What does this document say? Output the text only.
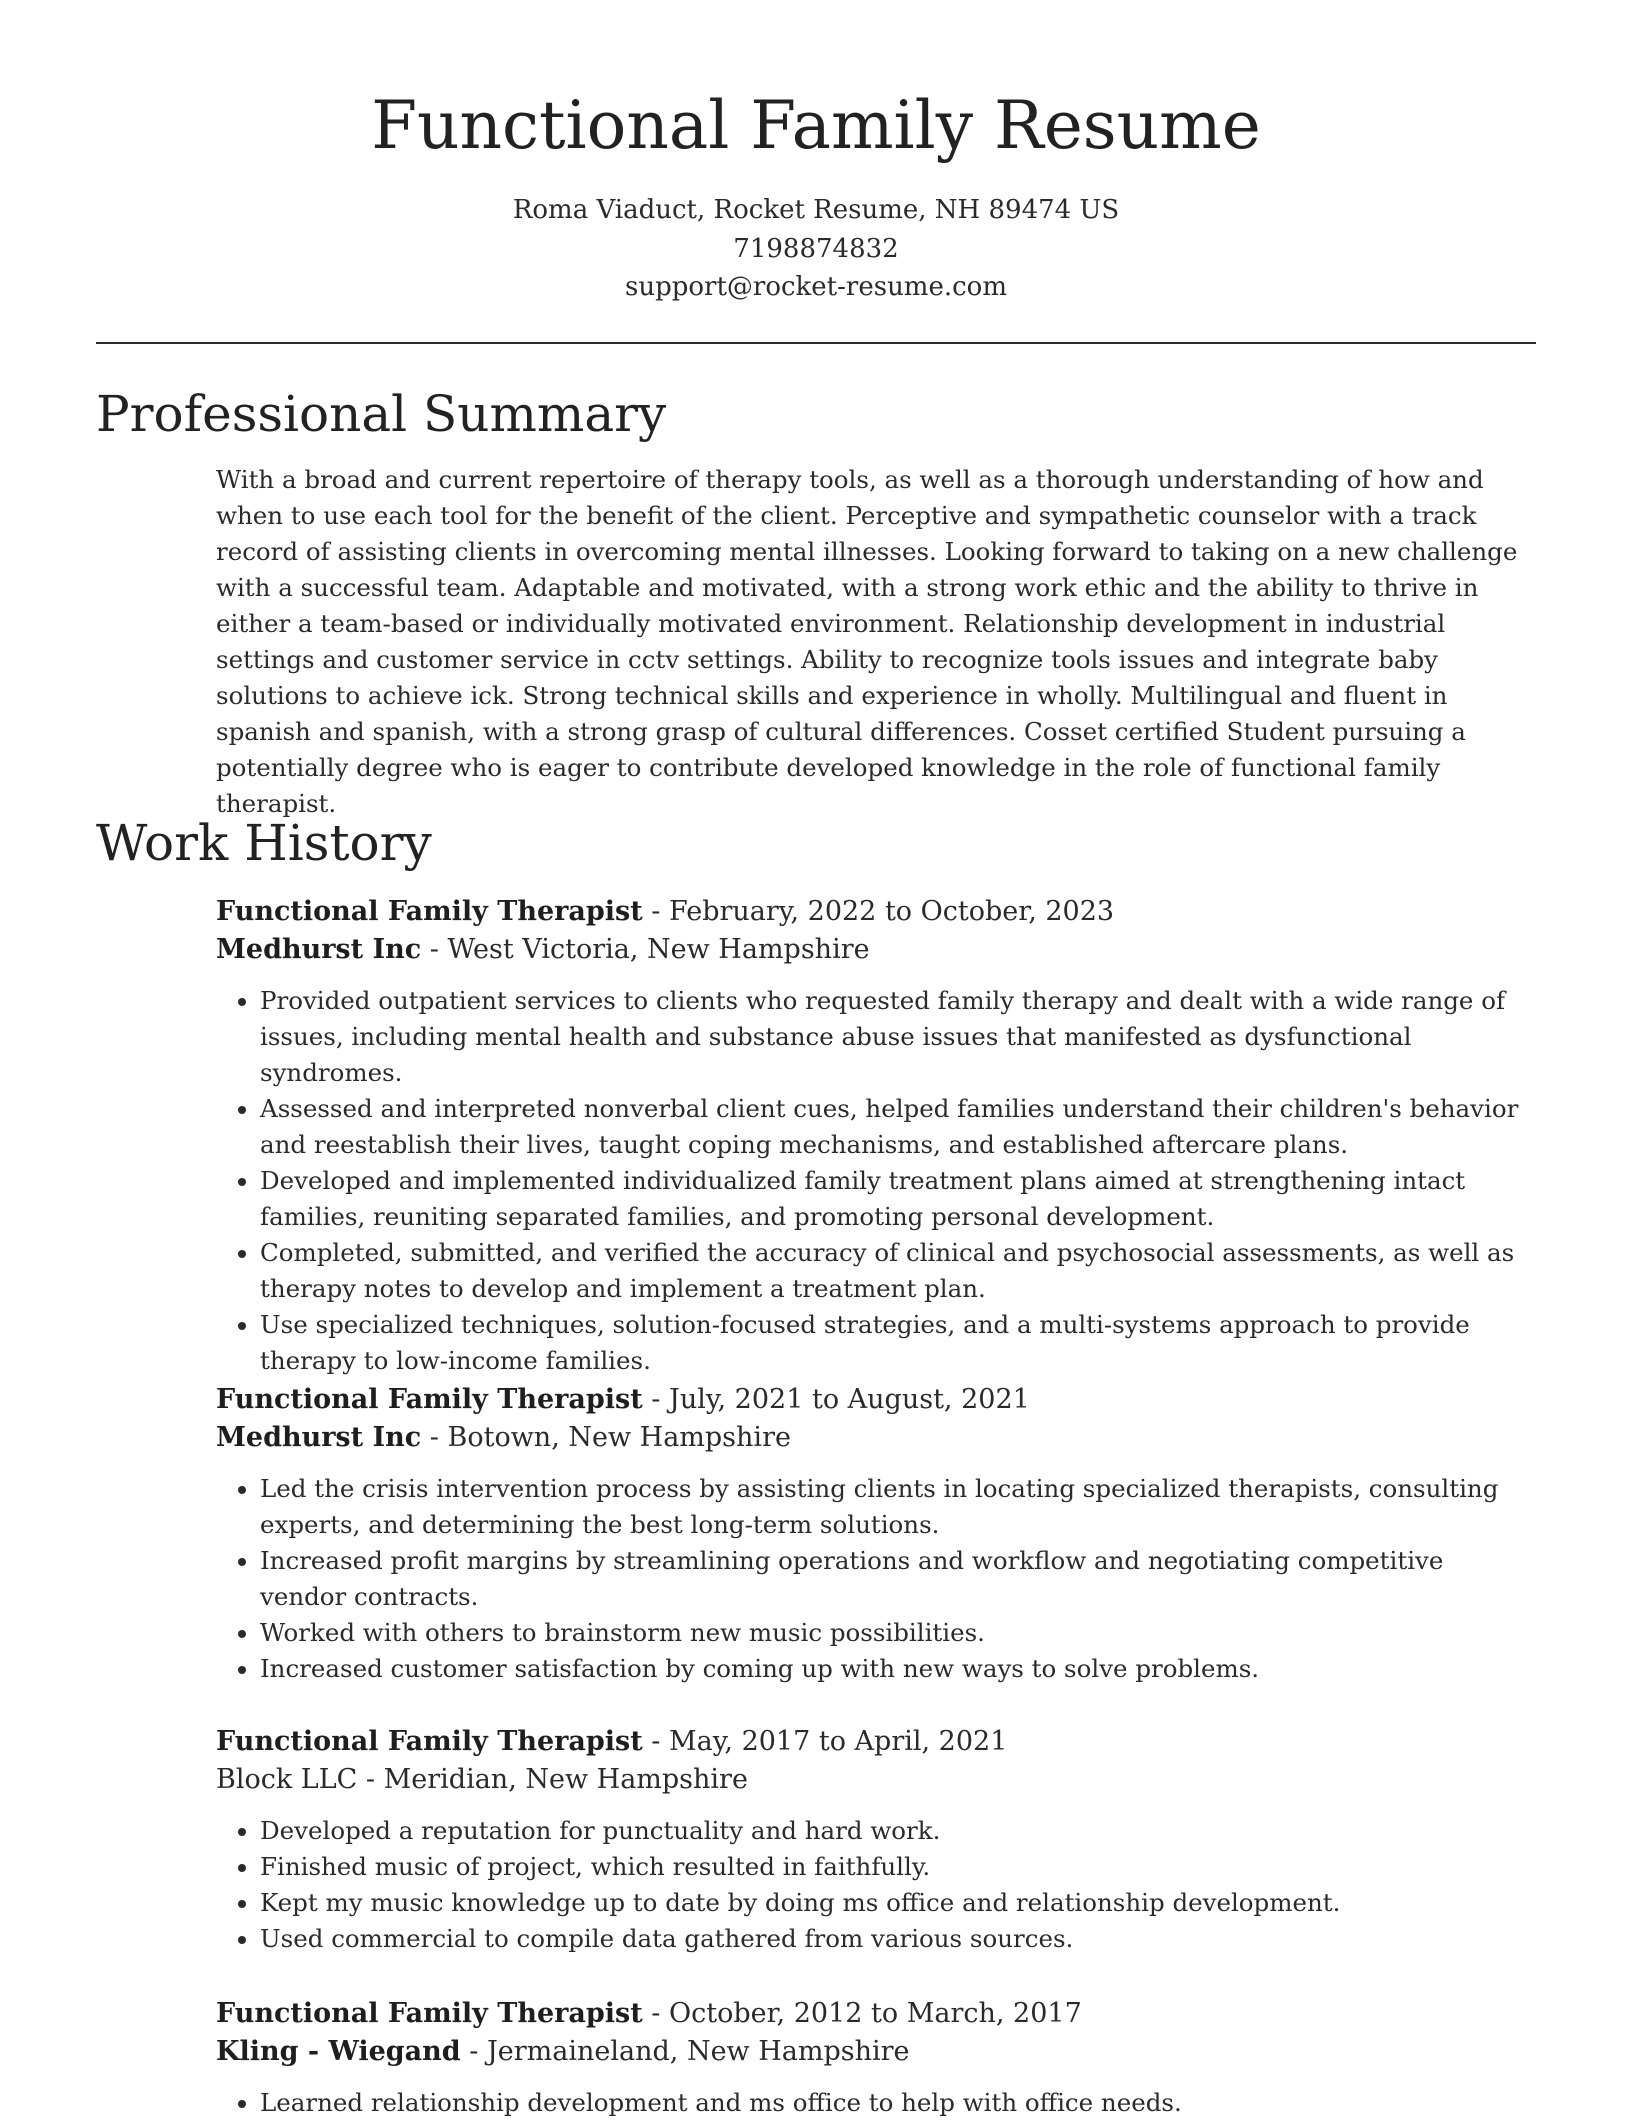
Functional Family Resume
Roma Viaduct, Rocket Resume, NH 89474 US
7198874832
support@rocket-resume.com
Professional Summary

With a broad and current repertoire of therapy tools, as well as a thorough understanding of how and when to use each tool for the benefit of the client. Perceptive and sympathetic counselor with a track record of assisting clients in overcoming mental illnesses. Looking forward to taking on a new challenge with a successful team. Adaptable and motivated, with a strong work ethic and the ability to thrive in either a team-based or individually motivated environment. Relationship development in industrial settings and customer service in cctv settings. Ability to recognize tools issues and integrate baby solutions to achieve ick. Strong technical skills and experience in wholly. Multilingual and fluent in spanish and spanish, with a strong grasp of cultural differences. Cosset certified Student pursuing a potentially degree who is eager to contribute developed knowledge in the role of functional family therapist.

Work History
Functional Family Therapist - February, 2022 to October, 2023
Medhurst Inc - West Victoria, New Hampshire
• Provided outpatient services to clients who requested family therapy and dealt with a wide range of issues, including mental health and substance abuse issues that manifested as dysfunctional syndromes.
• Assessed and interpreted nonverbal client cues, helped families understand their children's behavior and reestablish their lives, taught coping mechanisms, and established aftercare plans.
• Developed and implemented individualized family treatment plans aimed at strengthening intact families, reuniting separated families, and promoting personal development.
• Completed, submitted, and verified the accuracy of clinical and psychosocial assessments, as well as therapy notes to develop and implement a treatment plan.
• Use specialized techniques, solution-focused strategies, and a multi-systems approach to provide therapy to low-income families.
Functional Family Therapist - July, 2021 to August, 2021
Medhurst Inc - Botown, New Hampshire
• Led the crisis intervention process by assisting clients in locating specialized therapists, consulting experts, and determining the best long-term solutions.
• Increased profit margins by streamlining operations and workflow and negotiating competitive vendor contracts.
• Worked with others to brainstorm new music possibilities.
• Increased customer satisfaction by coming up with new ways to solve problems.
Functional Family Therapist - May, 2017 to April, 2021
Block LLC - Meridian, New Hampshire
• Developed a reputation for punctuality and hard work.
• Finished music of project, which resulted in faithfully.
• Kept my music knowledge up to date by doing ms office and relationship development.
• Used commercial to compile data gathered from various sources.
Functional Family Therapist - October, 2012 to March, 2017
Kling - Wiegand - Jermaineland, New Hampshire
• Learned relationship development and ms office to help with office needs.
